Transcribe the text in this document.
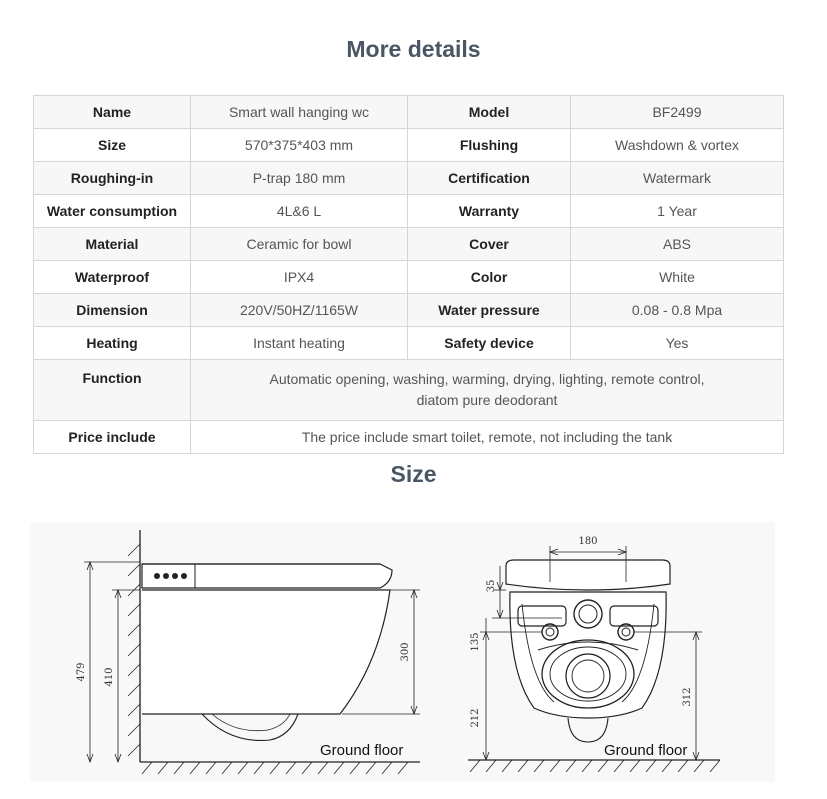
More details
Name	Smart wall hanging wc	Model	BF2499
Size	570*375*403 mm	Flushing	Washdown & vortex
Roughing-in	P-trap 180 mm	Certification	Watermark
Water consumption	4L&6 L	Warranty	1 Year
Material	Ceramic for bowl	Cover	ABS
Waterproof	IPX4	Color	White
Dimension	220V/50HZ/1165W	Water pressure	0.08 - 0.8 Mpa
Heating	Instant heating	Safety device	Yes
Function	Automatic opening, washing, warming, drying, lighting, remote control,
diatom pure deodorant		
Price include	The price include smart toilet, remote, not including the tank		
Size
479 410
300
Ground floor
180
35
135
212
312
Ground floor
